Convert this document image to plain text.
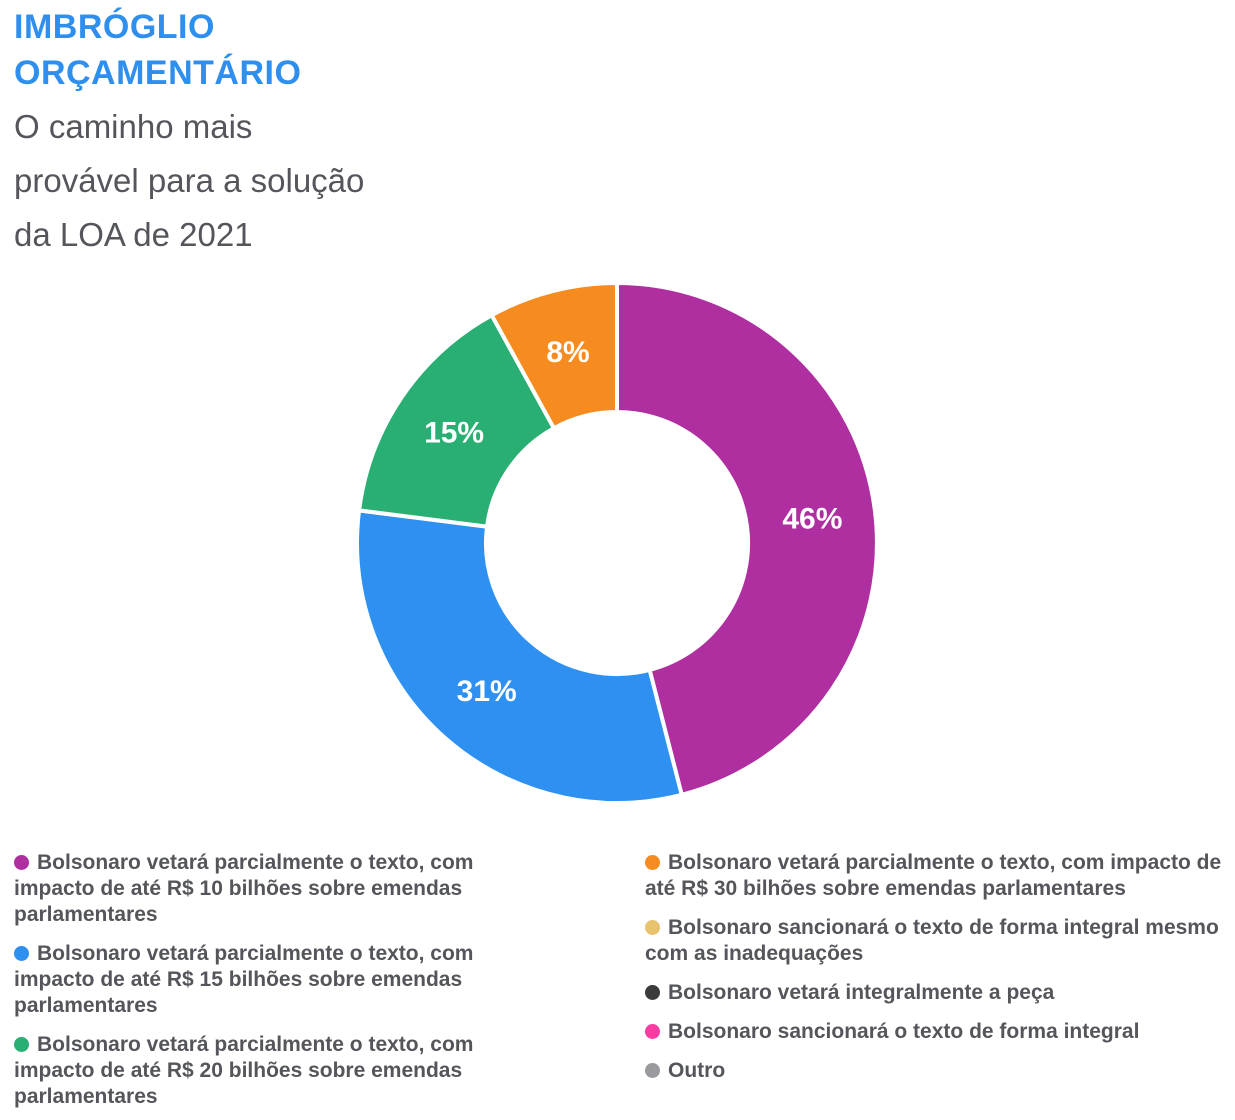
IMBRÓGLIO
ORÇAMENTÁRIO

O caminho mais
provável para a solução
da LOA de 2021

46%
31%
15%
8%

Bolsonaro vetará parcialmente o texto, com impacto de até R$ 10 bilhões sobre emendas parlamentares

Bolsonaro vetará parcialmente o texto, com impacto de até R$ 15 bilhões sobre emendas parlamentares

Bolsonaro vetará parcialmente o texto, com impacto de até R$ 20 bilhões sobre emendas parlamentares

Bolsonaro vetará parcialmente o texto, com impacto de até R$ 30 bilhões sobre emendas parlamentares

Bolsonaro sancionará o texto de forma integral mesmo com as inadequações

Bolsonaro vetará integralmente a peça

Bolsonaro sancionará o texto de forma integral

Outro
